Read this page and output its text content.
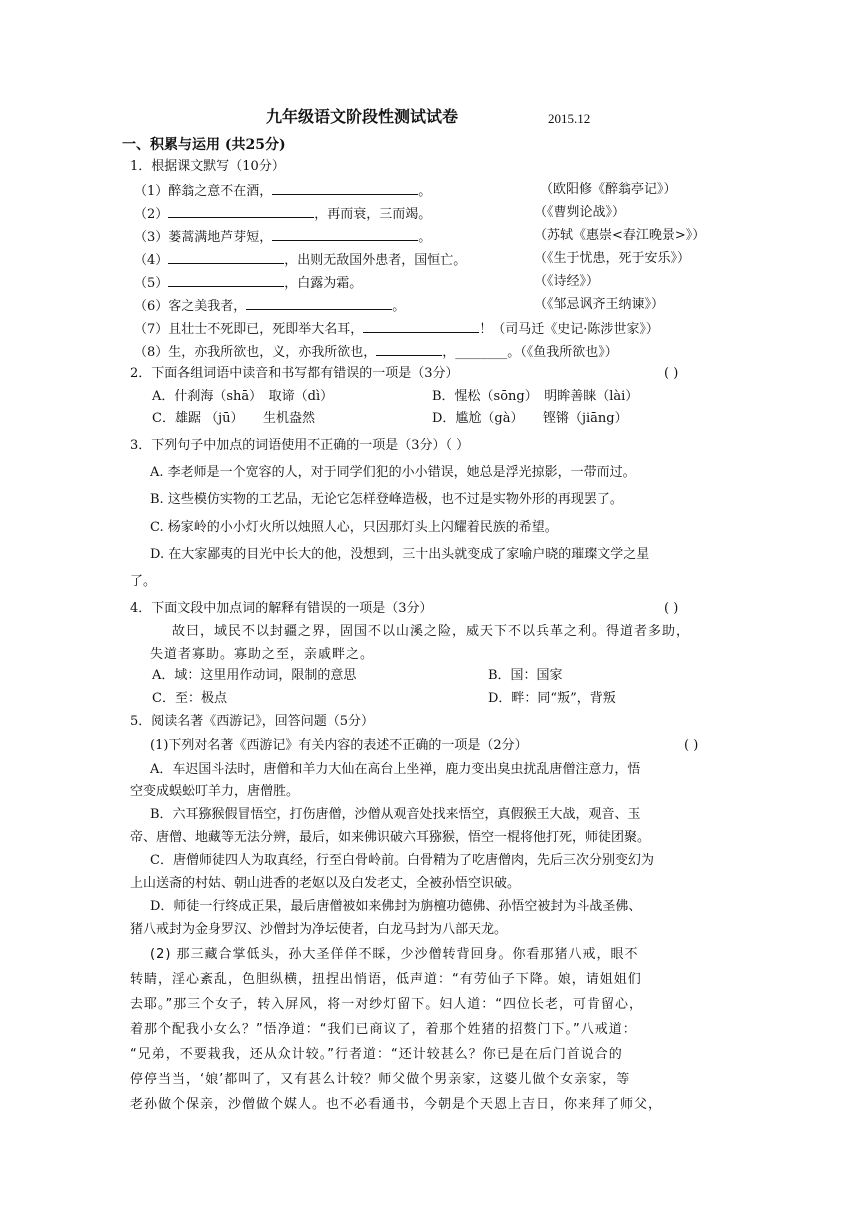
九年级语文阶段性测试试卷	2015.12
一、积累与运用 (共25分)
1．根据课文默写（10分）
（1）醉翁之意不在酒，	。	（欧阳修《醉翁亭记》）
（2）	，再而衰，三而竭。	（《曹刿论战》）
（3）蒌蒿满地芦芽短，	。	（苏轼《惠崇<春江晚景>》）
（4）	，出则无敌国外患者，国恒亡。	（《生于忧患，死于安乐》）
（5）	，白露为霜。	（《诗经》）
（6）客之美我者，	。	（《邹忌讽齐王纳谏》）
（7）且壮士不死即已，死即举大名耳，	！（司马迁《史记·陈涉世家》）
（8）生，亦我所欲也，义，亦我所欲也，	，________。（《鱼我所欲也》）
2．下面各组词语中读音和书写都有错误的一项是（3分）	( )
A．什刹海（shā）　取谛（dì）	B．惺松（sōng）　明眸善睐（lài）
C．雄踞 （jū）　　生机盎然	D．尴尬（gà）　　铿锵（jiāng）
3．下列句子中加点的词语使用不正确的一项是（3分）（ ）
A. 李老师是一个宽容的人，对于同学们犯的小小错误，她总是浮光掠影，一带而过。
B. 这些模仿实物的工艺品，无论它怎样登峰造极，也不过是实物外形的再现罢了。
C. 杨家岭的小小灯火所以烛照人心，只因那灯头上闪耀着民族的希望。
D. 在大家鄙夷的目光中长大的他，没想到，三十出头就变成了家喻户晓的璀璨文学之星
了。
4．下面文段中加点词的解释有错误的一项是（3分）	( )
故曰，域民不以封疆之界，固国不以山溪之险，威天下不以兵革之利。得道者多助，
失道者寡助。寡助之至，亲戚畔之。
A．域：这里用作动词，限制的意思	B．国：国家
C．至：极点	D．畔：同“叛”，背叛
5．阅读名著《西游记》，回答问题（5分）
(1)下列对名著《西游记》有关内容的表述不正确的一项是（2分）	( )
A．车迟国斗法时，唐僧和羊力大仙在高台上坐禅，鹿力变出臭虫扰乱唐僧注意力，悟
空变成蜈蚣叮羊力，唐僧胜。
B．六耳猕猴假冒悟空，打伤唐僧，沙僧从观音处找来悟空，真假猴王大战，观音、玉
帝、唐僧、地藏等无法分辨，最后，如来佛识破六耳猕猴，悟空一棍将他打死，师徒团聚。
C．唐僧师徒四人为取真经，行至白骨岭前。白骨精为了吃唐僧肉，先后三次分别变幻为
上山送斋的村姑、朝山进香的老妪以及白发老丈，全被孙悟空识破。
D．师徒一行终成正果，最后唐僧被如来佛封为旃檀功德佛、孙悟空被封为斗战圣佛、
猪八戒封为金身罗汉、沙僧封为净坛使者，白龙马封为八部天龙。
(2) 那三藏合掌低头，孙大圣佯佯不睬，少沙僧转背回身。你看那猪八戒，眼不
转睛，淫心紊乱，色胆纵横，扭捏出悄语，低声道：“有劳仙子下降。娘，请姐姐们
去耶。”那三个女子，转入屏风，将一对纱灯留下。妇人道：“四位长老，可肯留心，
着那个配我小女么？”悟净道：“我们已商议了，着那个姓猪的招赘门下。”八戒道：
“兄弟，不要栽我，还从众计较。”行者道：“还计较甚么？你已是在后门首说合的
停停当当，‘娘’都叫了，又有甚么计较？师父做个男亲家，这婆儿做个女亲家，等
老孙做个保亲，沙僧做个媒人。也不必看通书，今朝是个天恩上吉日，你来拜了师父，
